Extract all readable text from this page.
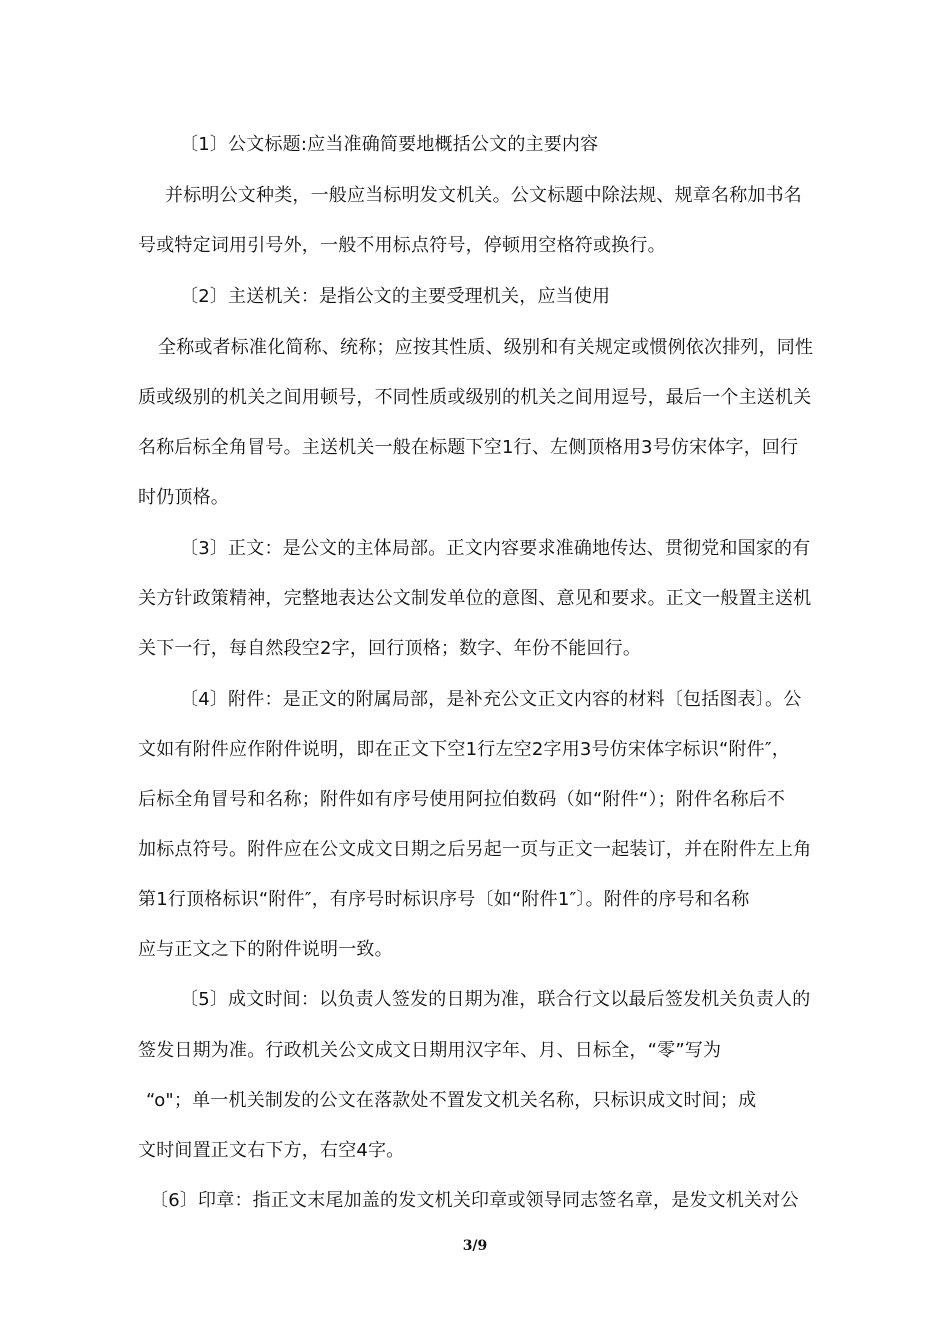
〔1〕公文标题:应当准确简要地概括公文的主要内容
并标明公文种类，一般应当标明发文机关。公文标题中除法规、规章名称加书名
号或特定词用引号外，一般不用标点符号，停顿用空格符或换行。
〔2〕主送机关：是指公文的主要受理机关，应当使用
全称或者标准化简称、统称；应按其性质、级别和有关规定或惯例依次排列，同性
质或级别的机关之间用顿号，不同性质或级别的机关之间用逗号，最后一个主送机关
名称后标全角冒号。主送机关一般在标题下空1行、左侧顶格用3号仿宋体字，回行
时仍顶格。
〔3〕正文：是公文的主体局部。正文内容要求准确地传达、贯彻党和国家的有
关方针政策精神，完整地表达公文制发单位的意图、意见和要求。正文一般置主送机
关下一行，每自然段空2字，回行顶格；数字、年份不能回行。
〔4〕附件：是正文的附属局部，是补充公文正文内容的材料〔包括图表〕。公
文如有附件应作附件说明，即在正文下空1行左空2字用3号仿宋体字标识“附件″，
后标全角冒号和名称；附件如有序号使用阿拉伯数码（如“附件“）；附件名称后不
加标点符号。附件应在公文成文日期之后另起一页与正文一起装订，并在附件左上角
第1行顶格标识“附件″，有序号时标识序号〔如“附件1″〕。附件的序号和名称
应与正文之下的附件说明一致。
〔5〕成文时间：以负责人签发的日期为准，联合行文以最后签发机关负责人的
签发日期为准。行政机关公文成文日期用汉字年、月、日标全，“零”写为
“o"；单一机关制发的公文在落款处不置发文机关名称，只标识成文时间；成
文时间置正文右下方，右空4字。
〔6〕印章：指正文末尾加盖的发文机关印章或领导同志签名章，是发文机关对公
3/9
